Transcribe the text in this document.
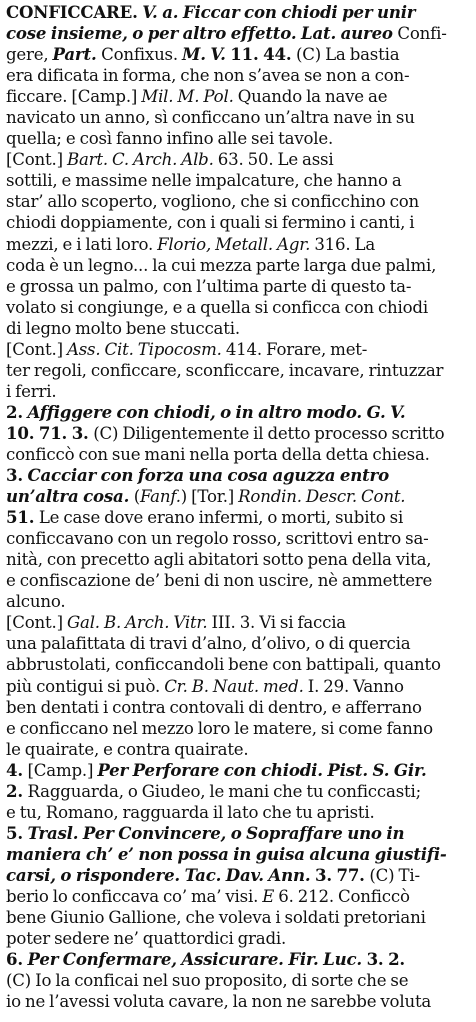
CONFICCARE. V. a. Ficcar con chiodi per unir
cose insieme, o per altro effetto. Lat. aureo Confi-
gere, Part. Confixus. M. V. 11. 44. (C) La bastia
era dificata in forma, che non s’avea se non a con-
ficcare. [Camp.] Mil. M. Pol. Quando la nave ae
navicato un anno, sì conficcano un’altra nave in su
quella; e così fanno infino alle sei tavole.
[Cont.] Bart. C. Arch. Alb. 63. 50. Le assi
sottili, e massime nelle impalcature, che hanno a
star’ allo scoperto, vogliono, che si conficchino con
chiodi doppiamente, con i quali si fermino i canti, i
mezzi, e i lati loro. Florio, Metall. Agr. 316. La
coda è un legno... la cui mezza parte larga due palmi,
e grossa un palmo, con l’ultima parte di questo ta-
volato si congiunge, e a quella si conficca con chiodi
di legno molto bene stuccati.
[Cont.] Ass. Cit. Tipocosm. 414. Forare, met-
ter regoli, conficcare, sconficcare, incavare, rintuzzar
i ferri.
2. Affiggere con chiodi, o in altro modo. G. V.
10. 71. 3. (C) Diligentemente il detto processo scritto
conficcò con sue mani nella porta della detta chiesa.
3. Cacciar con forza una cosa aguzza entro
un’altra cosa. (Fanf.) [Tor.] Rondin. Descr. Cont.
51. Le case dove erano infermi, o morti, subito si
conficcavano con un regolo rosso, scrittovi entro sa-
nità, con precetto agli abitatori sotto pena della vita,
e confiscazione de’ beni di non uscire, nè ammettere
alcuno.
[Cont.] Gal. B. Arch. Vitr. III. 3. Vi si faccia
una palafittata di travi d’alno, d’olivo, o di quercia
abbrustolati, conficcandoli bene con battipali, quanto
più contigui si può. Cr. B. Naut. med. I. 29. Vanno
ben dentati i contra contovali di dentro, e afferrano
e conficcano nel mezzo loro le matere, si come fanno
le quairate, e contra quairate.
4. [Camp.] Per Perforare con chiodi. Pist. S. Gir.
2. Ragguarda, o Giudeo, le mani che tu conficcasti;
e tu, Romano, ragguarda il lato che tu apristi.
5. Trasl. Per Convincere, o Sopraffare uno in
maniera ch’ e’ non possa in guisa alcuna giustifi-
carsi, o rispondere. Tac. Dav. Ann. 3. 77. (C) Ti-
berio lo conficcava co’ ma’ visi. E 6. 212. Conficcò
bene Giunio Gallione, che voleva i soldati pretoriani
poter sedere ne’ quattordici gradi.
6. Per Confermare, Assicurare. Fir. Luc. 3. 2.
(C) Io la conficai nel suo proposito, di sorte che se
io ne l’avessi voluta cavare, la non ne sarebbe voluta
